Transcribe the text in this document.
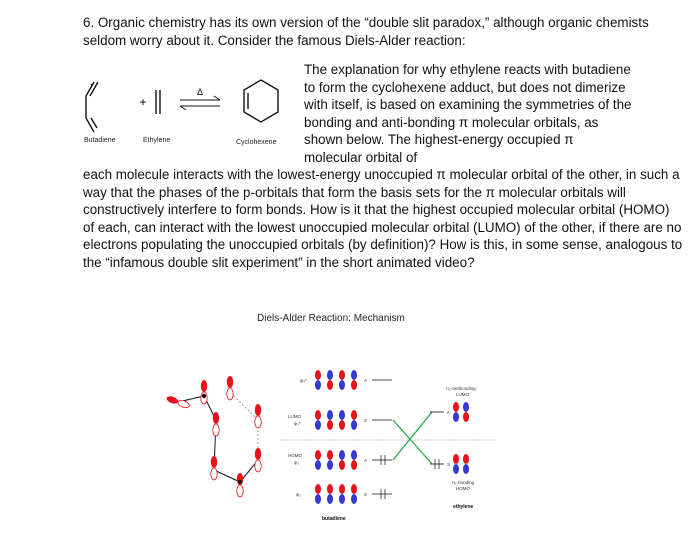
6. Organic chemistry has its own version of the “double slit paradox,” although organic chemists seldom worry about it. Consider the famous Diels-Alder reaction:

+
Δ
Butadiene	Ethylene	Cyclohexene

The explanation for why ethylene reacts with butadiene to form the cyclohexene adduct, but does not dimerize with itself, is based on examining the symmetries of the bonding and anti-bonding π molecular orbitals, as shown below. The highest-energy occupied π molecular orbital of

each molecule interacts with the lowest-energy unoccupied π molecular orbital of the other, in such a way that the phases of the p-orbitals that form the basis sets for the π molecular orbitals will constructively interfere to form bonds. How is it that the highest occupied molecular orbital (HOMO) of each, can interact with the lowest unoccupied molecular orbital (LUMO) of the other, if there are no electrons populating the unoccupied orbitals (by definition)? How is this, in some sense, analogous to the “infamous double slit experiment” in the short animated video?

Diels-Alder Reaction: Mechanism
ψ₄*
LUMO
ψ₃*
HOMO
ψ₂
ψ₁
A
S
A
S
butadiene
A
S
π₂-antibonding
LUMO
π₁-bonding
HOMO
ethylene
